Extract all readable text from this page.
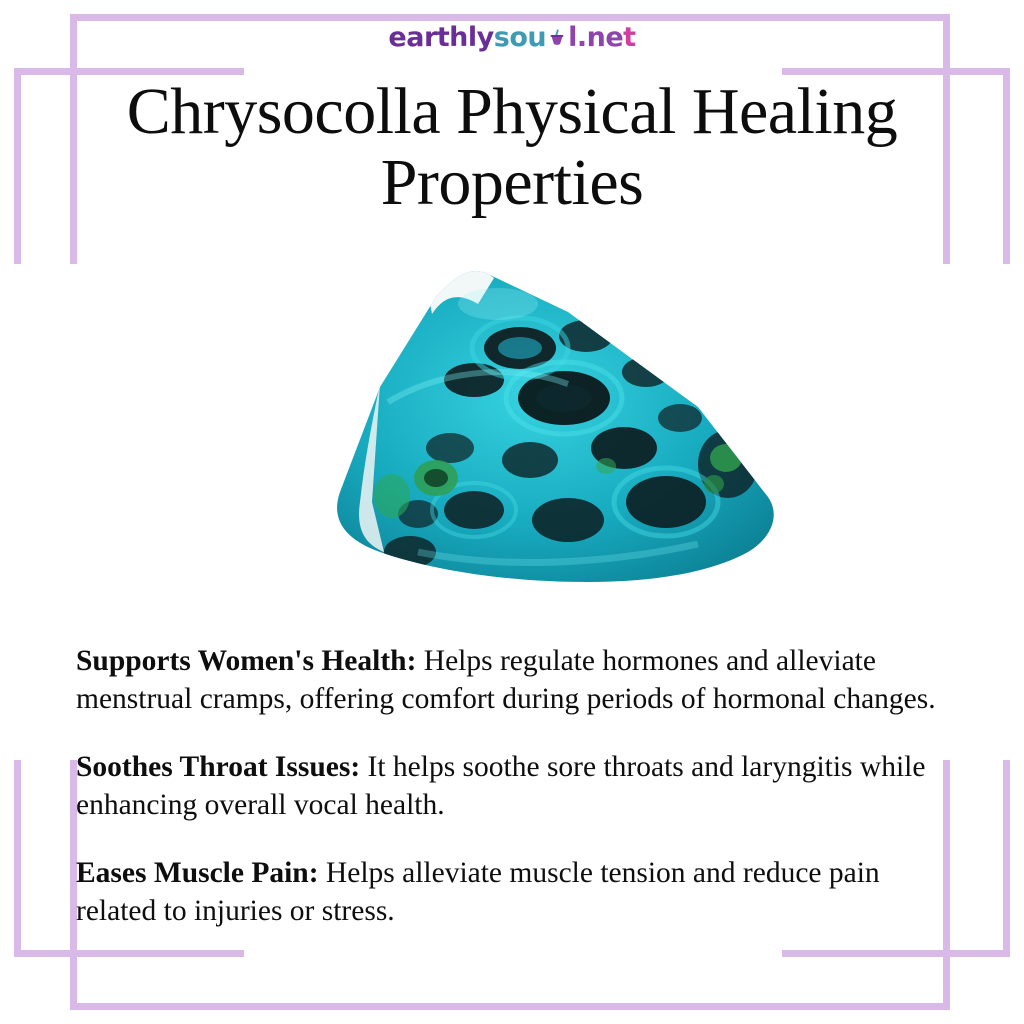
earthlysou l.net
Chrysocolla Physical Healing Properties

Supports Women's Health: Helps regulate hormones and alleviate menstrual cramps, offering comfort during periods of hormonal changes.

Soothes Throat Issues: It helps soothe sore throats and laryngitis while enhancing overall vocal health.

Eases Muscle Pain: Helps alleviate muscle tension and reduce pain related to injuries or stress.
